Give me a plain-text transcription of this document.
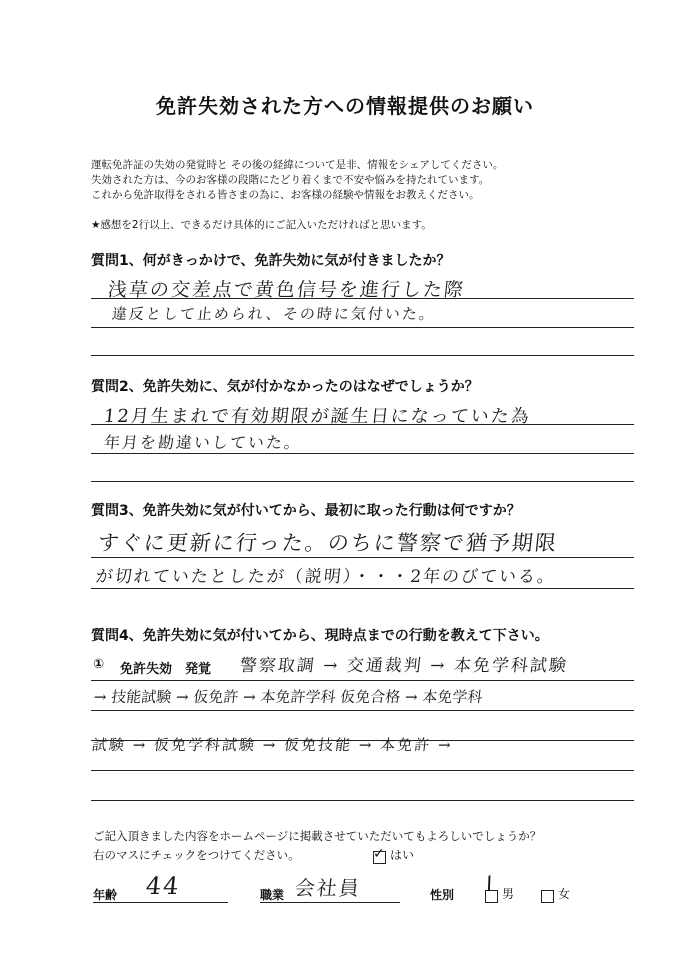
免許失効された方への情報提供のお願い
運転免許証の失効の発覚時と その後の経緯について是非、情報をシェアしてください。
失効された方は、今のお客様の段階にたどり着くまで不安や悩みを持たれています。
これから免許取得をされる皆さまの為に、お客様の経験や情報をお教えください。
★感想を2行以上、できるだけ具体的にご記入いただければと思います。
質問1、何がきっかけで、免許失効に気が付きましたか？
浅草の交差点で黄色信号を進行した際
違反として止められ、その時に気付いた。
質問2、免許失効に、気が付かなかったのはなぜでしょうか？
12月生まれで有効期限が誕生日になっていた為
年月を勘違いしていた。
質問3、免許失効に気が付いてから、最初に取った行動は何ですか？
すぐに更新に行った。のちに警察で猶予期限
が切れていたとしたが（説明）・・・2年のびている。
質問4、免許失効に気が付いてから、現時点までの行動を教えて下さい。
① 免許失効　発覚 警察取調 → 交通裁判 → 本免学科試験
→ 技能試験 → 仮免許 → 本免許学科 仮免合格 → 本免学科
試験 → 仮免学科試験 → 仮免技能 → 本免許 →
ご記入頂きました内容をホームページに掲載させていただいてもよろしいでしょうか？
右のマスにチェックをつけてください。	✓ はい
年齢 44	職業 会社員	性別
/ 男	女
